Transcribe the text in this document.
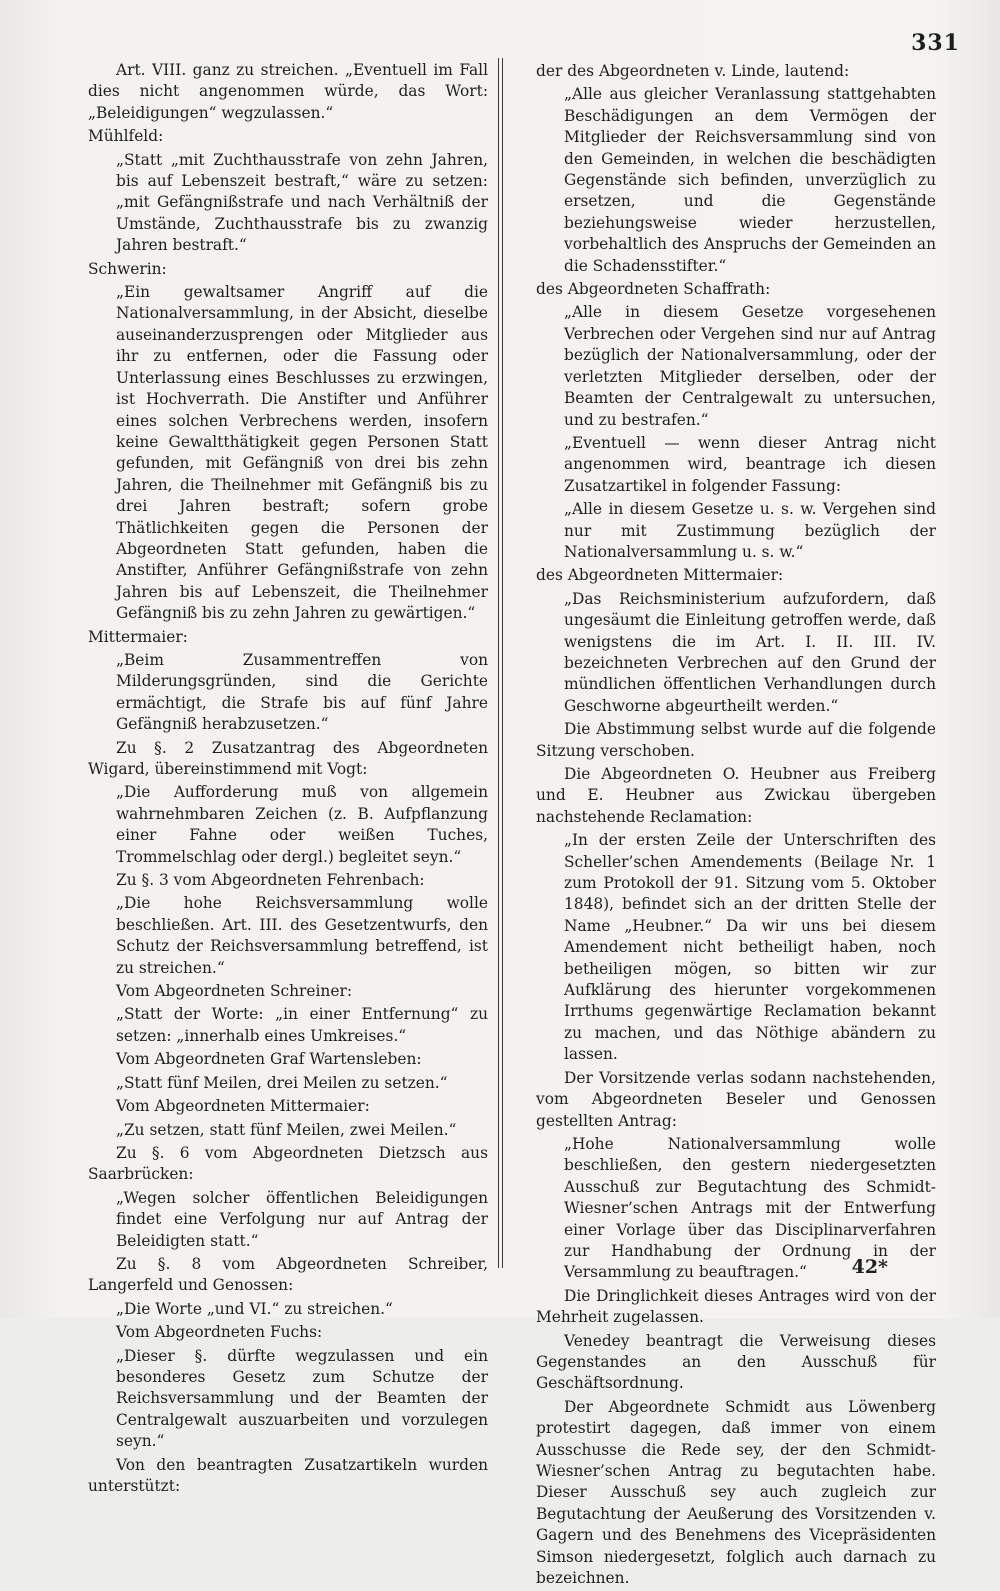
331

Art. VIII. ganz zu streichen. „Eventuell im Fall dies nicht angenommen würde, das Wort: „Beleidigungen“ wegzulassen.“

Mühlfeld:

„Statt „mit Zuchthausstrafe von zehn Jahren, bis auf Lebenszeit bestraft,“ wäre zu setzen: „mit Gefängnißstrafe und nach Verhältniß der Umstände, Zuchthausstrafe bis zu zwanzig Jahren bestraft.“

Schwerin:

„Ein gewaltsamer Angriff auf die Nationalversammlung, in der Absicht, dieselbe auseinanderzusprengen oder Mitglieder aus ihr zu entfernen, oder die Fassung oder Unterlassung eines Beschlusses zu erzwingen, ist Hochverrath. Die Anstifter und Anführer eines solchen Verbrechens werden, insofern keine Gewaltthätigkeit gegen Personen Statt gefunden, mit Gefängniß von drei bis zehn Jahren, die Theilnehmer mit Gefängniß bis zu drei Jahren bestraft; sofern grobe Thätlichkeiten gegen die Personen der Abgeordneten Statt gefunden, haben die Anstifter, Anführer Gefängnißstrafe von zehn Jahren bis auf Lebenszeit, die Theilnehmer Gefängniß bis zu zehn Jahren zu gewärtigen.“

Mittermaier:

„Beim Zusammentreffen von Milderungsgründen, sind die Gerichte ermächtigt, die Strafe bis auf fünf Jahre Gefängniß herabzusetzen.“

Zu §. 2 Zusatzantrag des Abgeordneten Wigard, übereinstimmend mit Vogt:

„Die Aufforderung muß von allgemein wahrnehmbaren Zeichen (z. B. Aufpflanzung einer Fahne oder weißen Tuches, Trommelschlag oder dergl.) begleitet seyn.“

Zu §. 3 vom Abgeordneten Fehrenbach:

„Die hohe Reichsversammlung wolle beschließen. Art. III. des Gesetzentwurfs, den Schutz der Reichsversammlung betreffend, ist zu streichen.“

Vom Abgeordneten Schreiner:

„Statt der Worte: „in einer Entfernung“ zu setzen: „innerhalb eines Umkreises.“

Vom Abgeordneten Graf Wartensleben:

„Statt fünf Meilen, drei Meilen zu setzen.“

Vom Abgeordneten Mittermaier:

„Zu setzen, statt fünf Meilen, zwei Meilen.“

Zu §. 6 vom Abgeordneten Dietzsch aus Saarbrücken:

„Wegen solcher öffentlichen Beleidigungen findet eine Verfolgung nur auf Antrag der Beleidigten statt.“

Zu §. 8 vom Abgeordneten Schreiber, Langerfeld und Genossen:

„Die Worte „und VI.“ zu streichen.“

Vom Abgeordneten Fuchs:

„Dieser §. dürfte wegzulassen und ein besonderes Gesetz zum Schutze der Reichsversammlung und der Beamten der Centralgewalt auszuarbeiten und vorzulegen seyn.“

Von den beantragten Zusatzartikeln wurden unterstützt:

der des Abgeordneten v. Linde, lautend:

„Alle aus gleicher Veranlassung stattgehabten Beschädigungen an dem Vermögen der Mitglieder der Reichsversammlung sind von den Gemeinden, in welchen die beschädigten Gegenstände sich befinden, unverzüglich zu ersetzen, und die Gegenstände beziehungsweise wieder herzustellen, vorbehaltlich des Anspruchs der Gemeinden an die Schadensstifter.“

des Abgeordneten Schaffrath:

„Alle in diesem Gesetze vorgesehenen Verbrechen oder Vergehen sind nur auf Antrag bezüglich der Nationalversammlung, oder der verletzten Mitglieder derselben, oder der Beamten der Centralgewalt zu untersuchen, und zu bestrafen.“

„Eventuell — wenn dieser Antrag nicht angenommen wird, beantrage ich diesen Zusatzartikel in folgender Fassung:

„Alle in diesem Gesetze u. s. w. Vergehen sind nur mit Zustimmung bezüglich der Nationalversammlung u. s. w.“

des Abgeordneten Mittermaier:

„Das Reichsministerium aufzufordern, daß ungesäumt die Einleitung getroffen werde, daß wenigstens die im Art. I. II. III. IV. bezeichneten Verbrechen auf den Grund der mündlichen öffentlichen Verhandlungen durch Geschworne abgeurtheilt werden.“

Die Abstimmung selbst wurde auf die folgende Sitzung verschoben.

Die Abgeordneten O. Heubner aus Freiberg und E. Heubner aus Zwickau übergeben nachstehende Reclamation:

„In der ersten Zeile der Unterschriften des Scheller’schen Amendements (Beilage Nr. 1 zum Protokoll der 91. Sitzung vom 5. Oktober 1848), befindet sich an der dritten Stelle der Name „Heubner.“ Da wir uns bei diesem Amendement nicht betheiligt haben, noch betheiligen mögen, so bitten wir zur Aufklärung des hierunter vorgekommenen Irrthums gegenwärtige Reclamation bekannt zu machen, und das Nöthige abändern zu lassen.

Der Vorsitzende verlas sodann nachstehenden, vom Abgeordneten Beseler und Genossen gestellten Antrag:

„Hohe Nationalversammlung wolle beschließen, den gestern niedergesetzten Ausschuß zur Begutachtung des Schmidt-Wiesner’schen Antrags mit der Entwerfung einer Vorlage über das Disciplinarverfahren zur Handhabung der Ordnung in der Versammlung zu beauftragen.“

Die Dringlichkeit dieses Antrages wird von der Mehrheit zugelassen.

Venedey beantragt die Verweisung dieses Gegenstandes an den Ausschuß für Geschäftsordnung.

Der Abgeordnete Schmidt aus Löwenberg protestirt dagegen, daß immer von einem Ausschusse die Rede sey, der den Schmidt-Wiesner’schen Antrag zu begutachten habe. Dieser Ausschuß sey auch zugleich zur Begutachtung der Aeußerung des Vorsitzenden v. Gagern und des Benehmens des Vicepräsidenten Simson niedergesetzt, folglich auch darnach zu bezeichnen.

42*
